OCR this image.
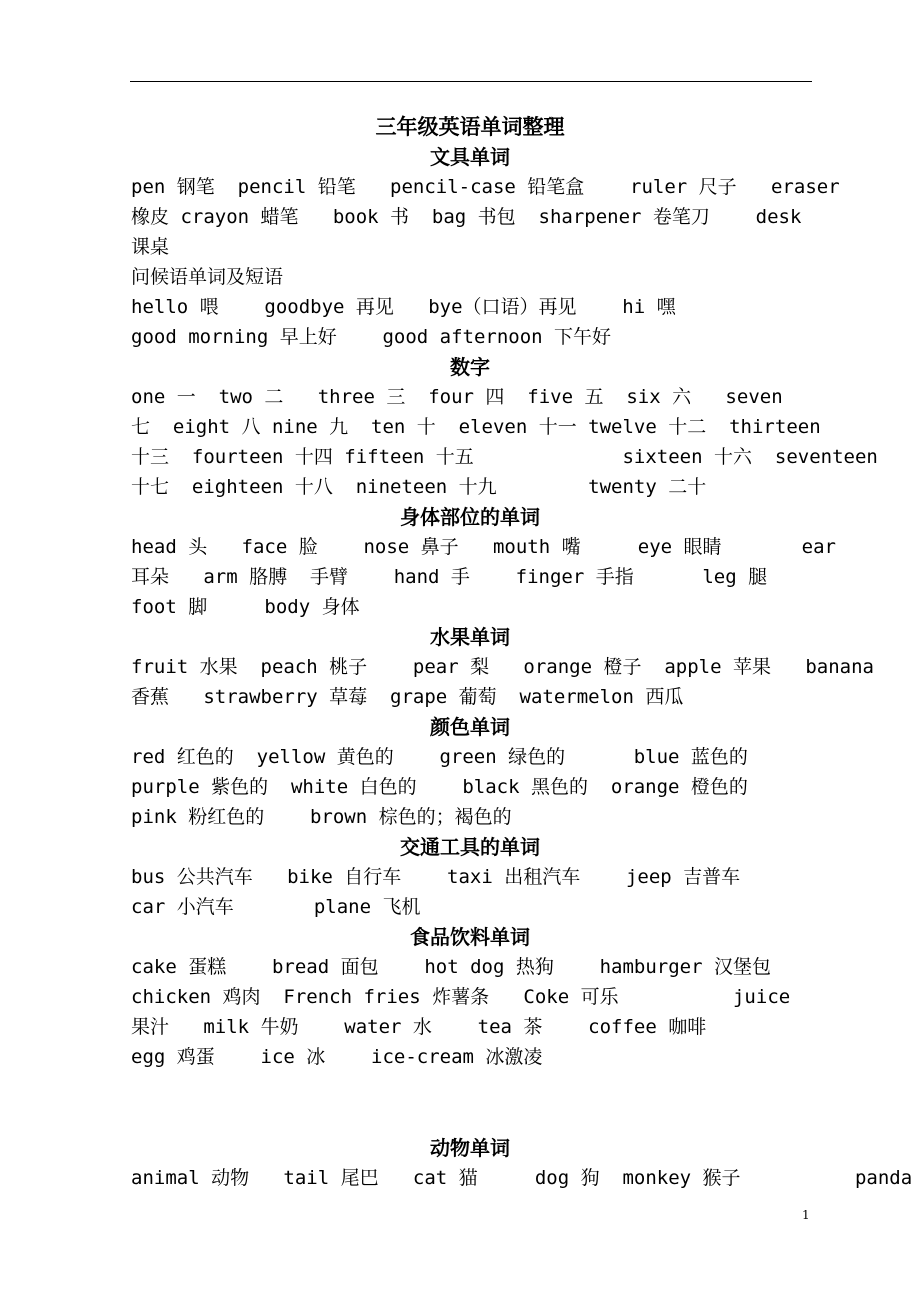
三年级英语单词整理
文具单词
pen 钢笔  pencil 铅笔   pencil-case 铅笔盒    ruler 尺子   eraser
橡皮 crayon 蜡笔   book 书  bag 书包  sharpener 卷笔刀    desk
课桌
问候语单词及短语
hello 喂    goodbye 再见   bye（口语）再见    hi 嘿
good morning 早上好    good afternoon 下午好
数字
one 一  two 二   three 三  four 四  five 五  six 六   seven
七  eight 八 nine 九  ten 十  eleven 十一 twelve 十二  thirteen
十三  fourteen 十四 fifteen 十五             sixteen 十六  seventeen
十七  eighteen 十八  nineteen 十九        twenty 二十
身体部位的单词
head 头   face 脸    nose 鼻子   mouth 嘴     eye 眼睛       ear
耳朵   arm 胳膊  手臂    hand 手    finger 手指      leg 腿
foot 脚     body 身体
水果单词
fruit 水果  peach 桃子    pear 梨   orange 橙子  apple 苹果   banana
香蕉   strawberry 草莓  grape 葡萄  watermelon 西瓜
颜色单词
red 红色的  yellow 黄色的    green 绿色的      blue 蓝色的
purple 紫色的  white 白色的    black 黑色的  orange 橙色的
pink 粉红色的    brown 棕色的；褐色的
交通工具的单词
bus 公共汽车   bike 自行车    taxi 出租汽车    jeep 吉普车
car 小汽车       plane 飞机
食品饮料单词
cake 蛋糕    bread 面包    hot dog 热狗    hamburger 汉堡包
chicken 鸡肉  French fries 炸薯条   Coke 可乐          juice
果汁   milk 牛奶    water 水    tea 茶    coffee 咖啡
egg 鸡蛋    ice 冰    ice-cream 冰激凌
动物单词
animal 动物   tail 尾巴   cat 猫     dog 狗  monkey 猴子          panda
1
